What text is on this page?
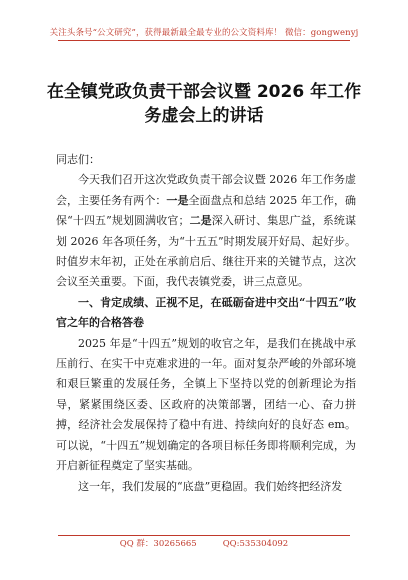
关注头条号“公文研究”，获得最新最全最专业的公文资料库！ 微信：gongwenyj
在全镇党政负责干部会议暨 2026 年工作
务虚会上的讲话

同志们：

今天我们召开这次党政负责干部会议暨 2026 年工作务虚会，主要任务有两个：一是全面盘点和总结 2025 年工作，确保“十四五”规划圆满收官；二是深入研讨、集思广益，系统谋划 2026 年各项任务，为“十五五”时期发展开好局、起好步。时值岁末年初，正处在承前启后、继往开来的关键节点，这次会议至关重要。下面，我代表镇党委，讲三点意见。

一、肯定成绩、正视不足，在砥砺奋进中交出“十四五”收官之年的合格答卷

2025 年是“十四五”规划的收官之年，是我们在挑战中承压前行、在实干中克难求进的一年。面对复杂严峻的外部环境和艰巨繁重的发展任务，全镇上下坚持以党的创新理论为指导，紧紧围绕区委、区政府的决策部署，团结一心、奋力拼搏，经济社会发展保持了稳中有进、持续向好的良好态 em。可以说，“十四五”规划确定的各项目标任务即将顺利完成，为开启新征程奠定了坚实基础。

这一年，我们发展的“底盘”更稳固。我们始终把经济发

QQ 群：30265665	QQ:535304092
